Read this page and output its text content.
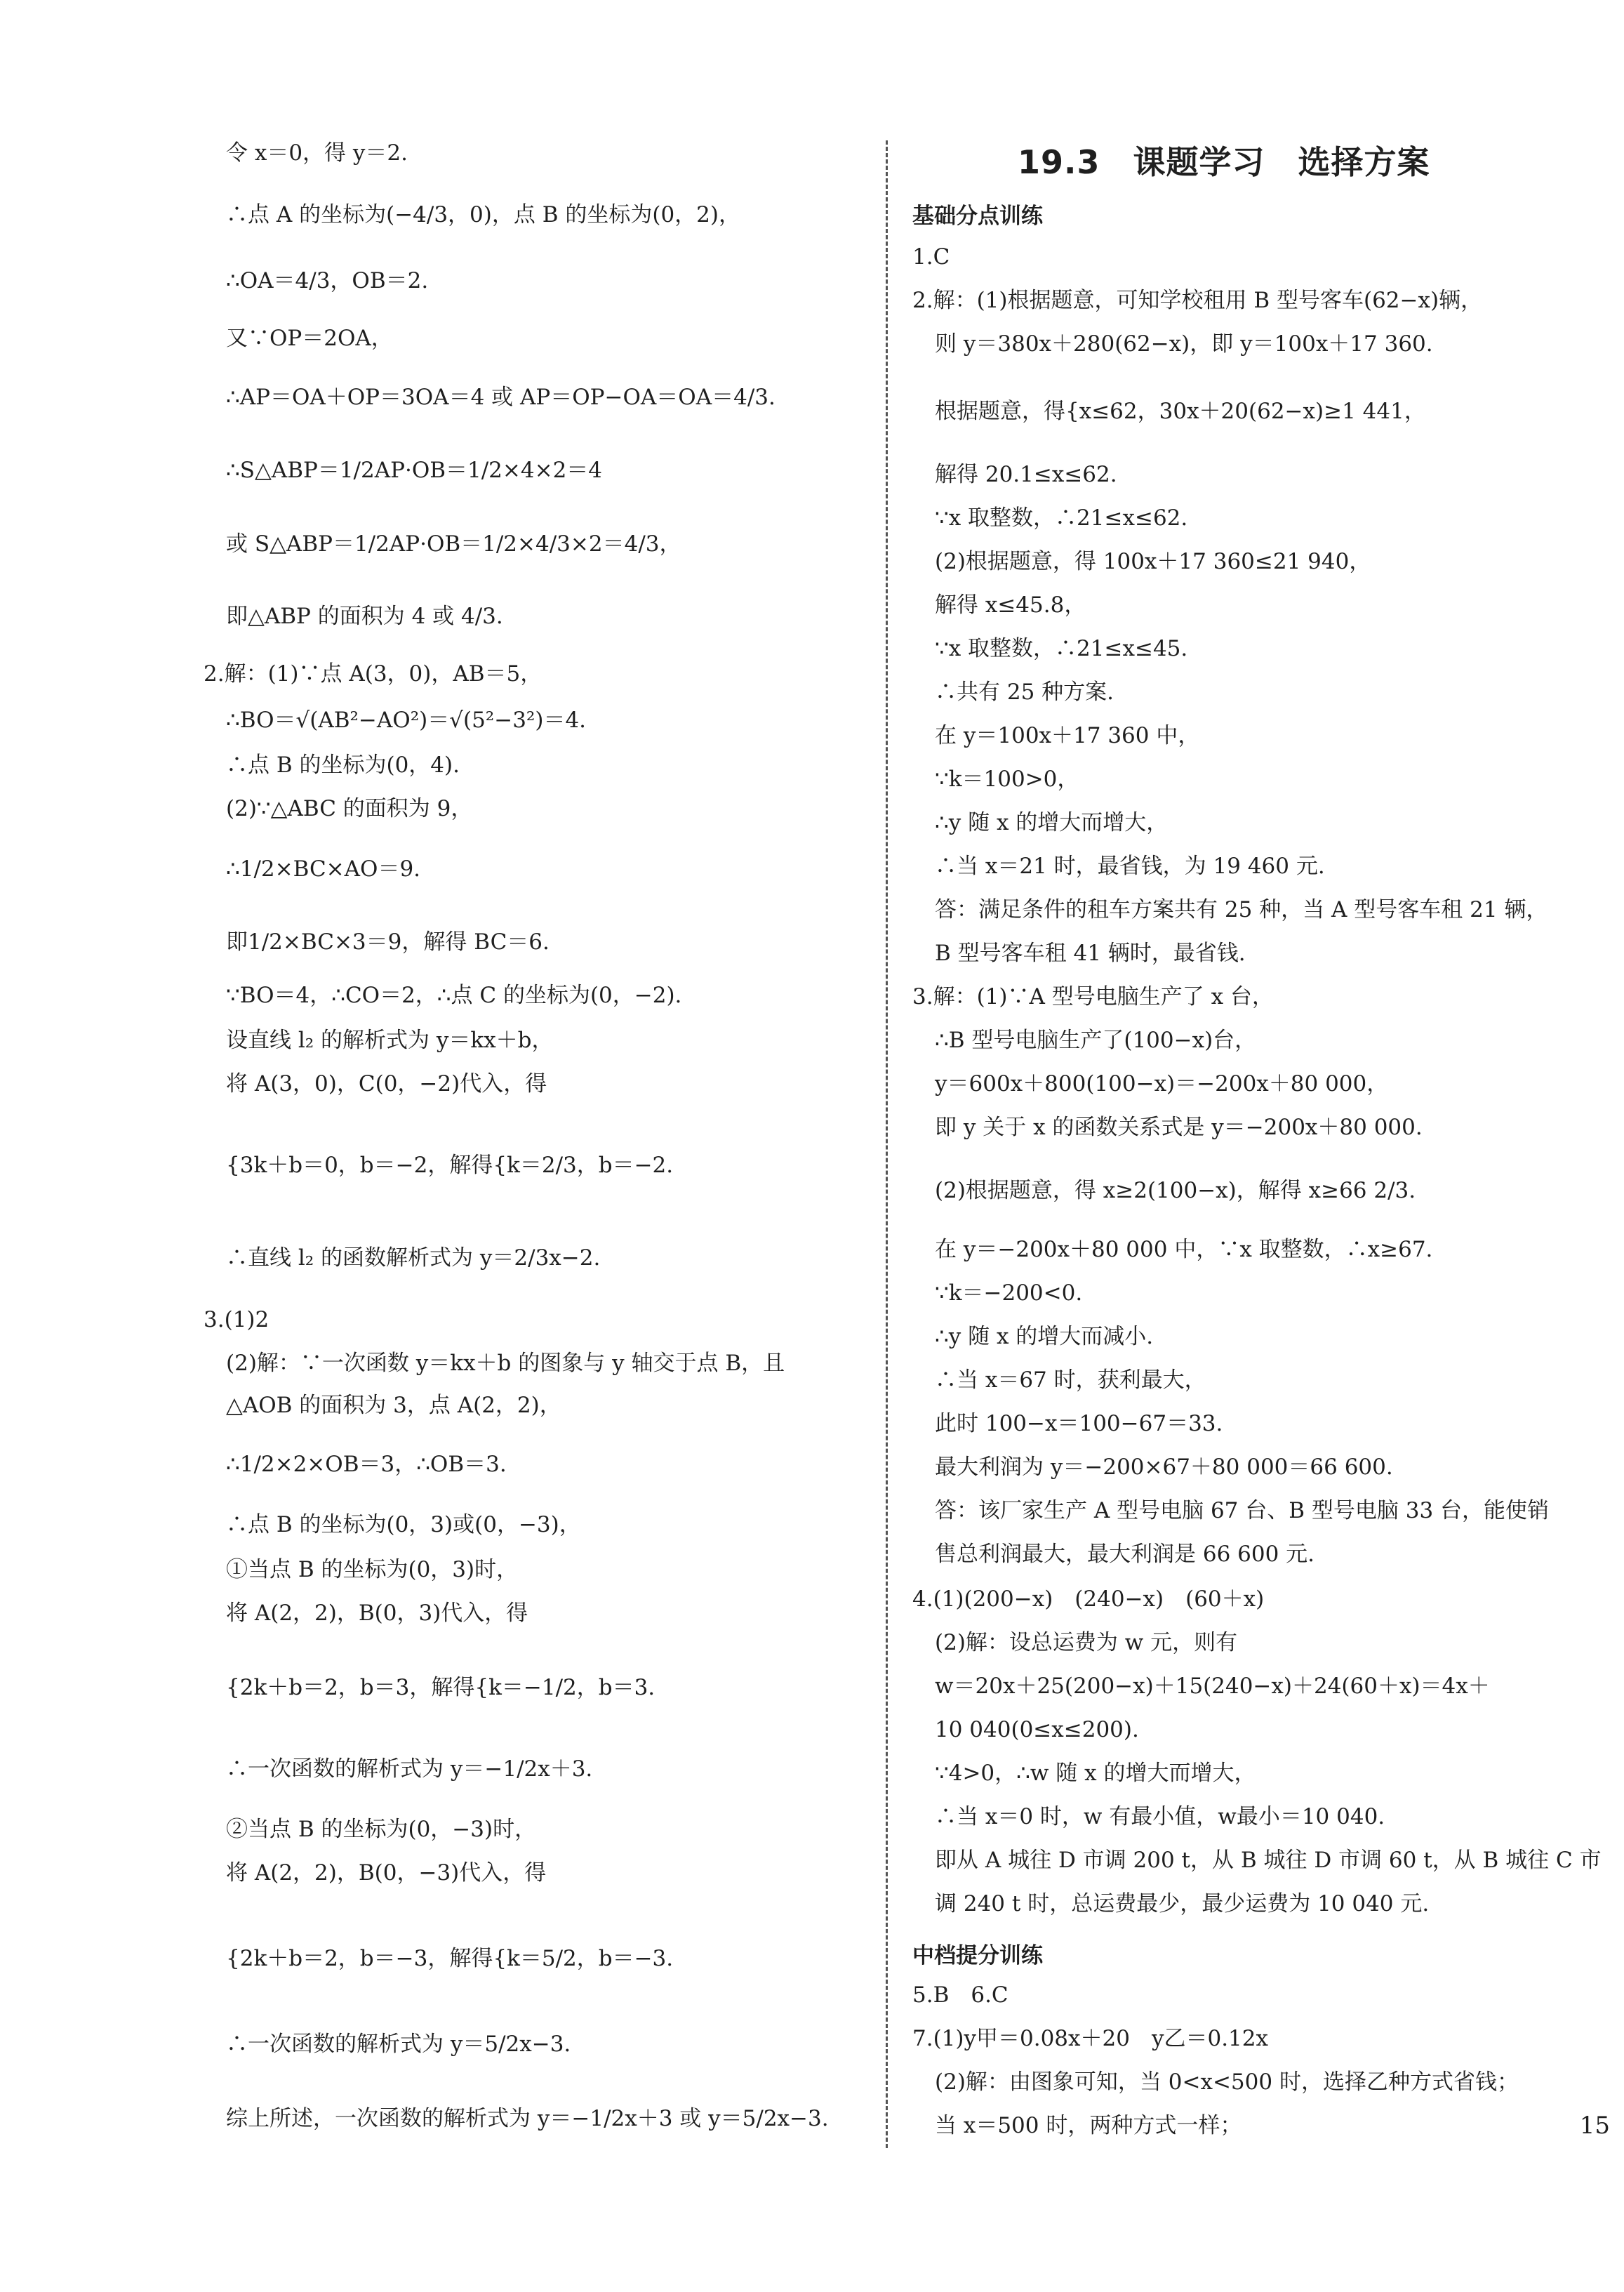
令 x＝0，得 y＝2.
∴点 A 的坐标为(−4/3，0)，点 B 的坐标为(0，2)，
∴OA＝4/3，OB＝2.
又∵OP＝2OA，
∴AP＝OA＋OP＝3OA＝4 或 AP＝OP−OA＝OA＝4/3.
∴S△ABP＝1/2AP·OB＝1/2×4×2＝4
或 S△ABP＝1/2AP·OB＝1/2×4/3×2＝4/3，
即△ABP 的面积为 4 或 4/3.
2.解：(1)∵点 A(3，0)，AB＝5，
∴BO＝√(AB²−AO²)＝√(5²−3²)＝4.
∴点 B 的坐标为(0，4).
(2)∵△ABC 的面积为 9，
∴1/2×BC×AO＝9.
即1/2×BC×3＝9，解得 BC＝6.
∵BO＝4，∴CO＝2，∴点 C 的坐标为(0，−2).
设直线 l₂ 的解析式为 y＝kx＋b，
将 A(3，0)，C(0，−2)代入，得
{3k＋b＝0，b＝−2，解得{k＝2/3，b＝−2.
∴直线 l₂ 的函数解析式为 y＝2/3x−2.
3.(1)2
(2)解：∵一次函数 y＝kx＋b 的图象与 y 轴交于点 B，且
△AOB 的面积为 3，点 A(2，2)，
∴1/2×2×OB＝3，∴OB＝3.
∴点 B 的坐标为(0，3)或(0，−3)，
①当点 B 的坐标为(0，3)时，
将 A(2，2)，B(0，3)代入，得
{2k＋b＝2，b＝3，解得{k＝−1/2，b＝3.
∴一次函数的解析式为 y＝−1/2x＋3.
②当点 B 的坐标为(0，−3)时，
将 A(2，2)，B(0，−3)代入，得
{2k＋b＝2，b＝−3，解得{k＝5/2，b＝−3.
∴一次函数的解析式为 y＝5/2x−3.
综上所述，一次函数的解析式为 y＝−1/2x＋3 或 y＝5/2x−3.
19.3　课题学习　选择方案
基础分点训练
1.C
2.解：(1)根据题意，可知学校租用 B 型号客车(62−x)辆，
则 y＝380x＋280(62−x)，即 y＝100x＋17 360.
根据题意，得{x≤62，30x＋20(62−x)≥1 441，
解得 20.1≤x≤62.
∵x 取整数，∴21≤x≤62.
(2)根据题意，得 100x＋17 360≤21 940，
解得 x≤45.8，
∵x 取整数，∴21≤x≤45.
∴共有 25 种方案.
在 y＝100x＋17 360 中，
∵k＝100>0，
∴y 随 x 的增大而增大，
∴当 x＝21 时，最省钱，为 19 460 元.
答：满足条件的租车方案共有 25 种，当 A 型号客车租 21 辆，
B 型号客车租 41 辆时，最省钱.
3.解：(1)∵A 型号电脑生产了 x 台，
∴B 型号电脑生产了(100−x)台，
y＝600x＋800(100−x)＝−200x＋80 000，
即 y 关于 x 的函数关系式是 y＝−200x＋80 000.
(2)根据题意，得 x≥2(100−x)，解得 x≥66 2/3.
在 y＝−200x＋80 000 中，∵x 取整数，∴x≥67.
∵k＝−200<0.
∴y 随 x 的增大而减小.
∴当 x＝67 时，获利最大，
此时 100−x＝100−67＝33.
最大利润为 y＝−200×67＋80 000＝66 600.
答：该厂家生产 A 型号电脑 67 台、B 型号电脑 33 台，能使销
售总利润最大，最大利润是 66 600 元.
4.(1)(200−x)　(240−x)　(60＋x)
(2)解：设总运费为 w 元，则有
w＝20x＋25(200−x)＋15(240−x)＋24(60＋x)＝4x＋
10 040(0≤x≤200).
∵4>0，∴w 随 x 的增大而增大，
∴当 x＝0 时，w 有最小值，w最小＝10 040.
即从 A 城往 D 市调 200 t，从 B 城往 D 市调 60 t，从 B 城往 C 市
调 240 t 时，总运费最少，最少运费为 10 040 元.
中档提分训练
5.B　6.C
7.(1)y甲＝0.08x＋20　y乙＝0.12x
(2)解：由图象可知，当 0<x<500 时，选择乙种方式省钱；
当 x＝500 时，两种方式一样；	15
